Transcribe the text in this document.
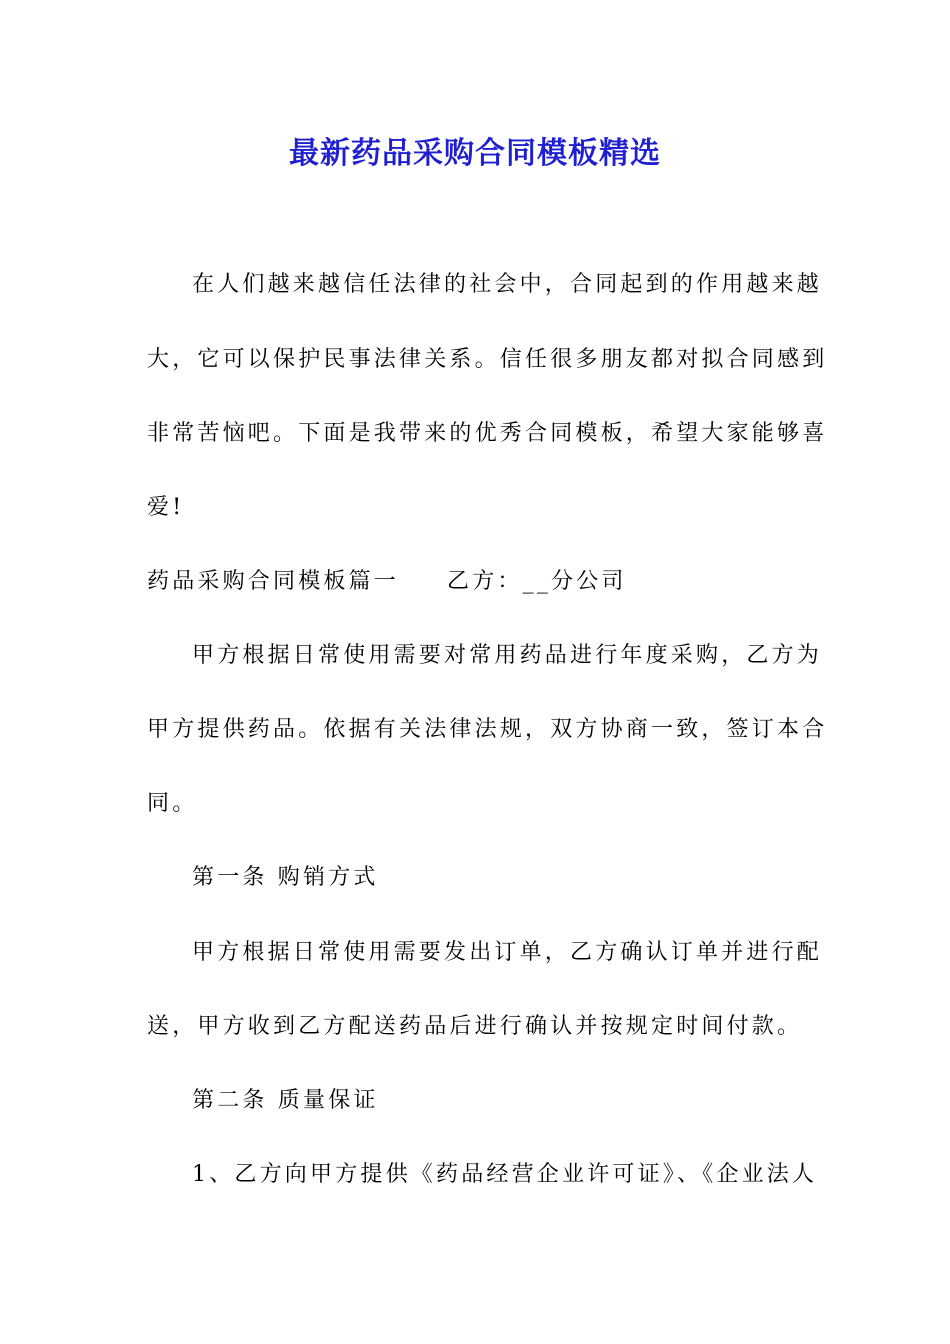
最新药品采购合同模板精选
在人们越来越信任法律的社会中，合同起到的作用越来越
大，它可以保护民事法律关系。信任很多朋友都对拟合同感到
非常苦恼吧。下面是我带来的优秀合同模板，希望大家能够喜
爱!
药品采购合同模板篇一 乙方：__分公司
甲方根据日常使用需要对常用药品进行年度采购，乙方为
甲方提供药品。依据有关法律法规，双方协商一致，签订本合
同。
第一条 购销方式
甲方根据日常使用需要发出订单，乙方确认订单并进行配
送，甲方收到乙方配送药品后进行确认并按规定时间付款。
第二条 质量保证
1、乙方向甲方提供《药品经营企业许可证》、《企业法人
